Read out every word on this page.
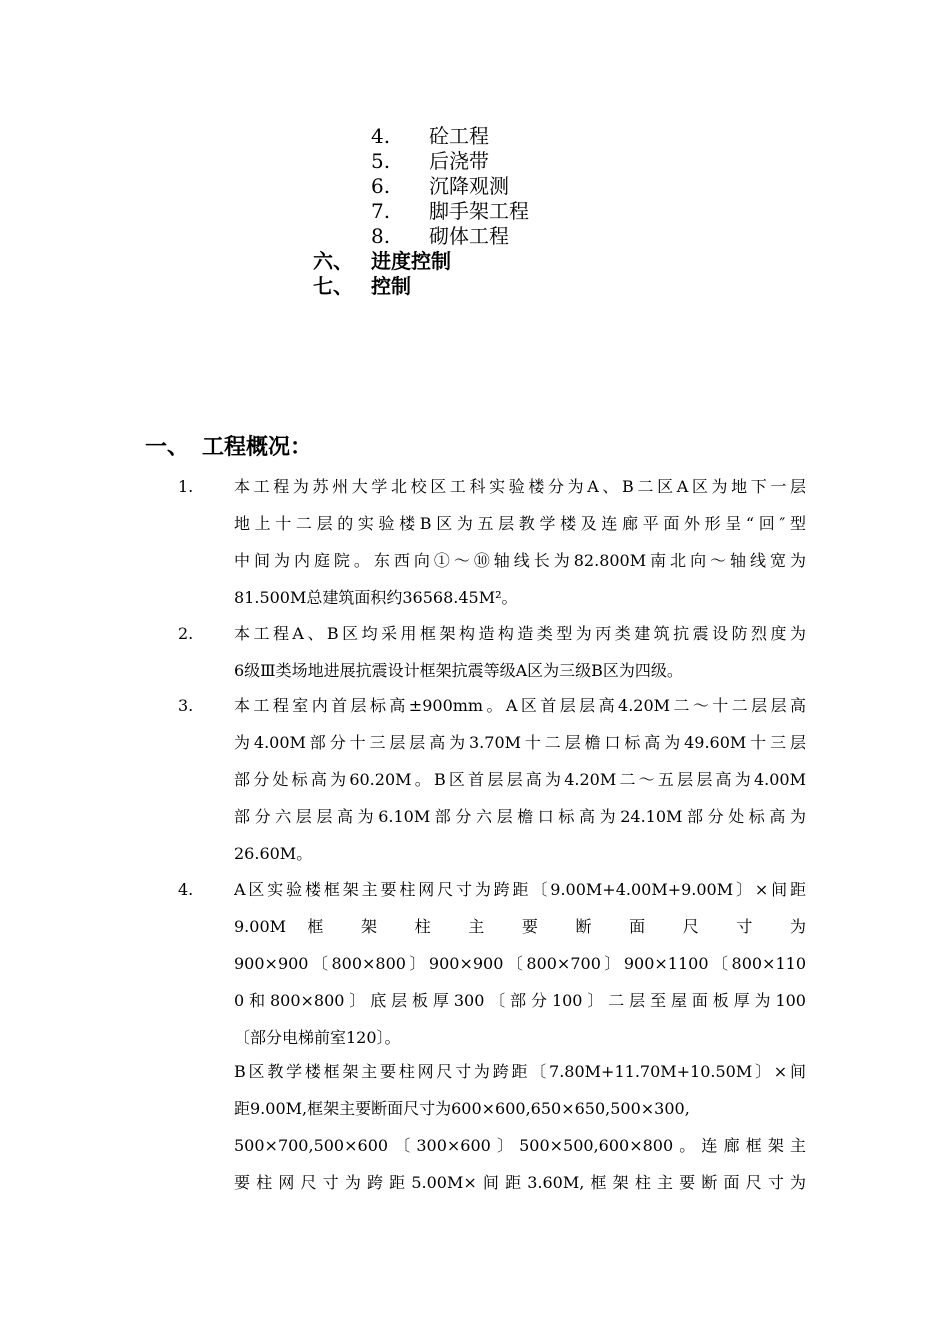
4. 砼工程
5. 后浇带
6. 沉降观测
7. 脚手架工程
8. 砌体工程
六、 进度控制
七、 控制
一、 工程概况：
1.	本工程为苏州大学北校区工科实验楼分为A、B二区A区为地下一层
地上十二层的实验楼B区为五层教学楼及连廊平面外形呈“回″型
中间为内庭院。东西向①～⑩轴线长为82.800M南北向～轴线宽为
81.500M总建筑面积约36568.45M²。
2.	本工程A、B区均采用框架构造构造类型为丙类建筑抗震设防烈度为
6级Ⅲ类场地进展抗震设计框架抗震等级A区为三级B区为四级。
3.	本工程室内首层标高±900mm。A区首层层高4.20M二～十二层层高
为4.00M部分十三层层高为3.70M十二层檐口标高为49.60M十三层
部分处标高为60.20M。B区首层层高为4.20M二～五层层高为4.00M
部分六层层高为6.10M部分六层檐口标高为24.10M部分处标高为
26.60M。
4.	A区实验楼框架主要柱网尺寸为跨距〔9.00M+4.00M+9.00M〕×间距
9.00M 框 架 柱 主 要 断 面 尺 寸 为
900×900〔800×800〕900×900〔800×700〕900×1100〔800×110
0和800×800〕底层板厚300〔部分100〕二层至屋面板厚为100
〔部分电梯前室120〕。
B区教学楼框架主要柱网尺寸为跨距〔7.80M+11.70M+10.50M〕×间
距9.00M,框架主要断面尺寸为600×600,650×650,500×300,
500×700,500×600〔300×600〕500×500,600×800。连廊框架主
要柱网尺寸为跨距5.00M×间距3.60M,框架柱主要断面尺寸为
